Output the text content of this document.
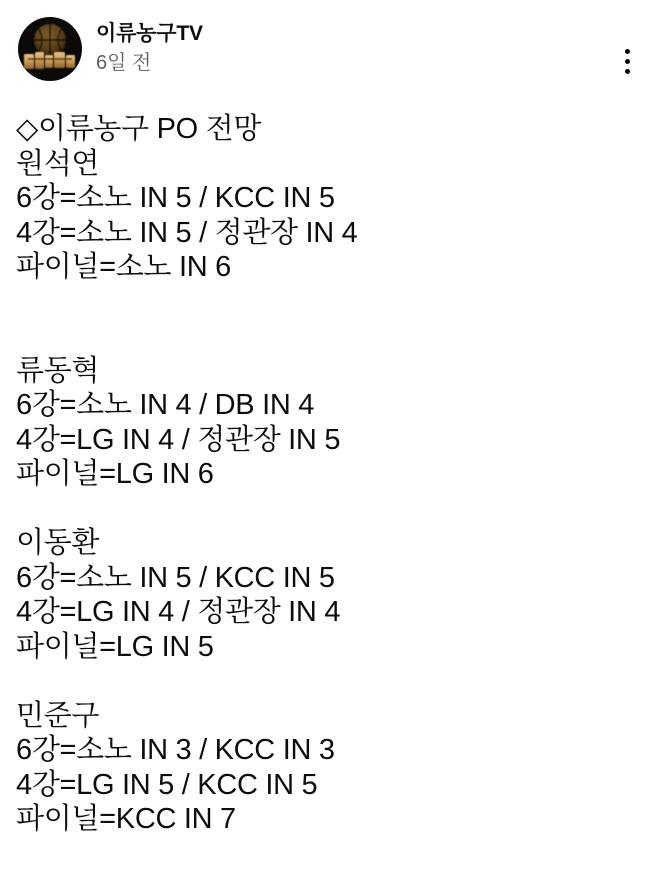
이류농구TV
6일 전
◇이류농구 PO 전망
원석연
6강=소노 IN 5 / KCC IN 5
4강=소노 IN 5 / 정관장 IN 4
파이널=소노 IN 6
류동혁
6강=소노 IN 4 / DB IN 4
4강=LG IN 4 / 정관장 IN 5
파이널=LG IN 6
이동환
6강=소노 IN 5 / KCC IN 5
4강=LG IN 4 / 정관장 IN 4
파이널=LG IN 5
민준구
6강=소노 IN 3 / KCC IN 3
4강=LG IN 5 / KCC IN 5
파이널=KCC IN 7
